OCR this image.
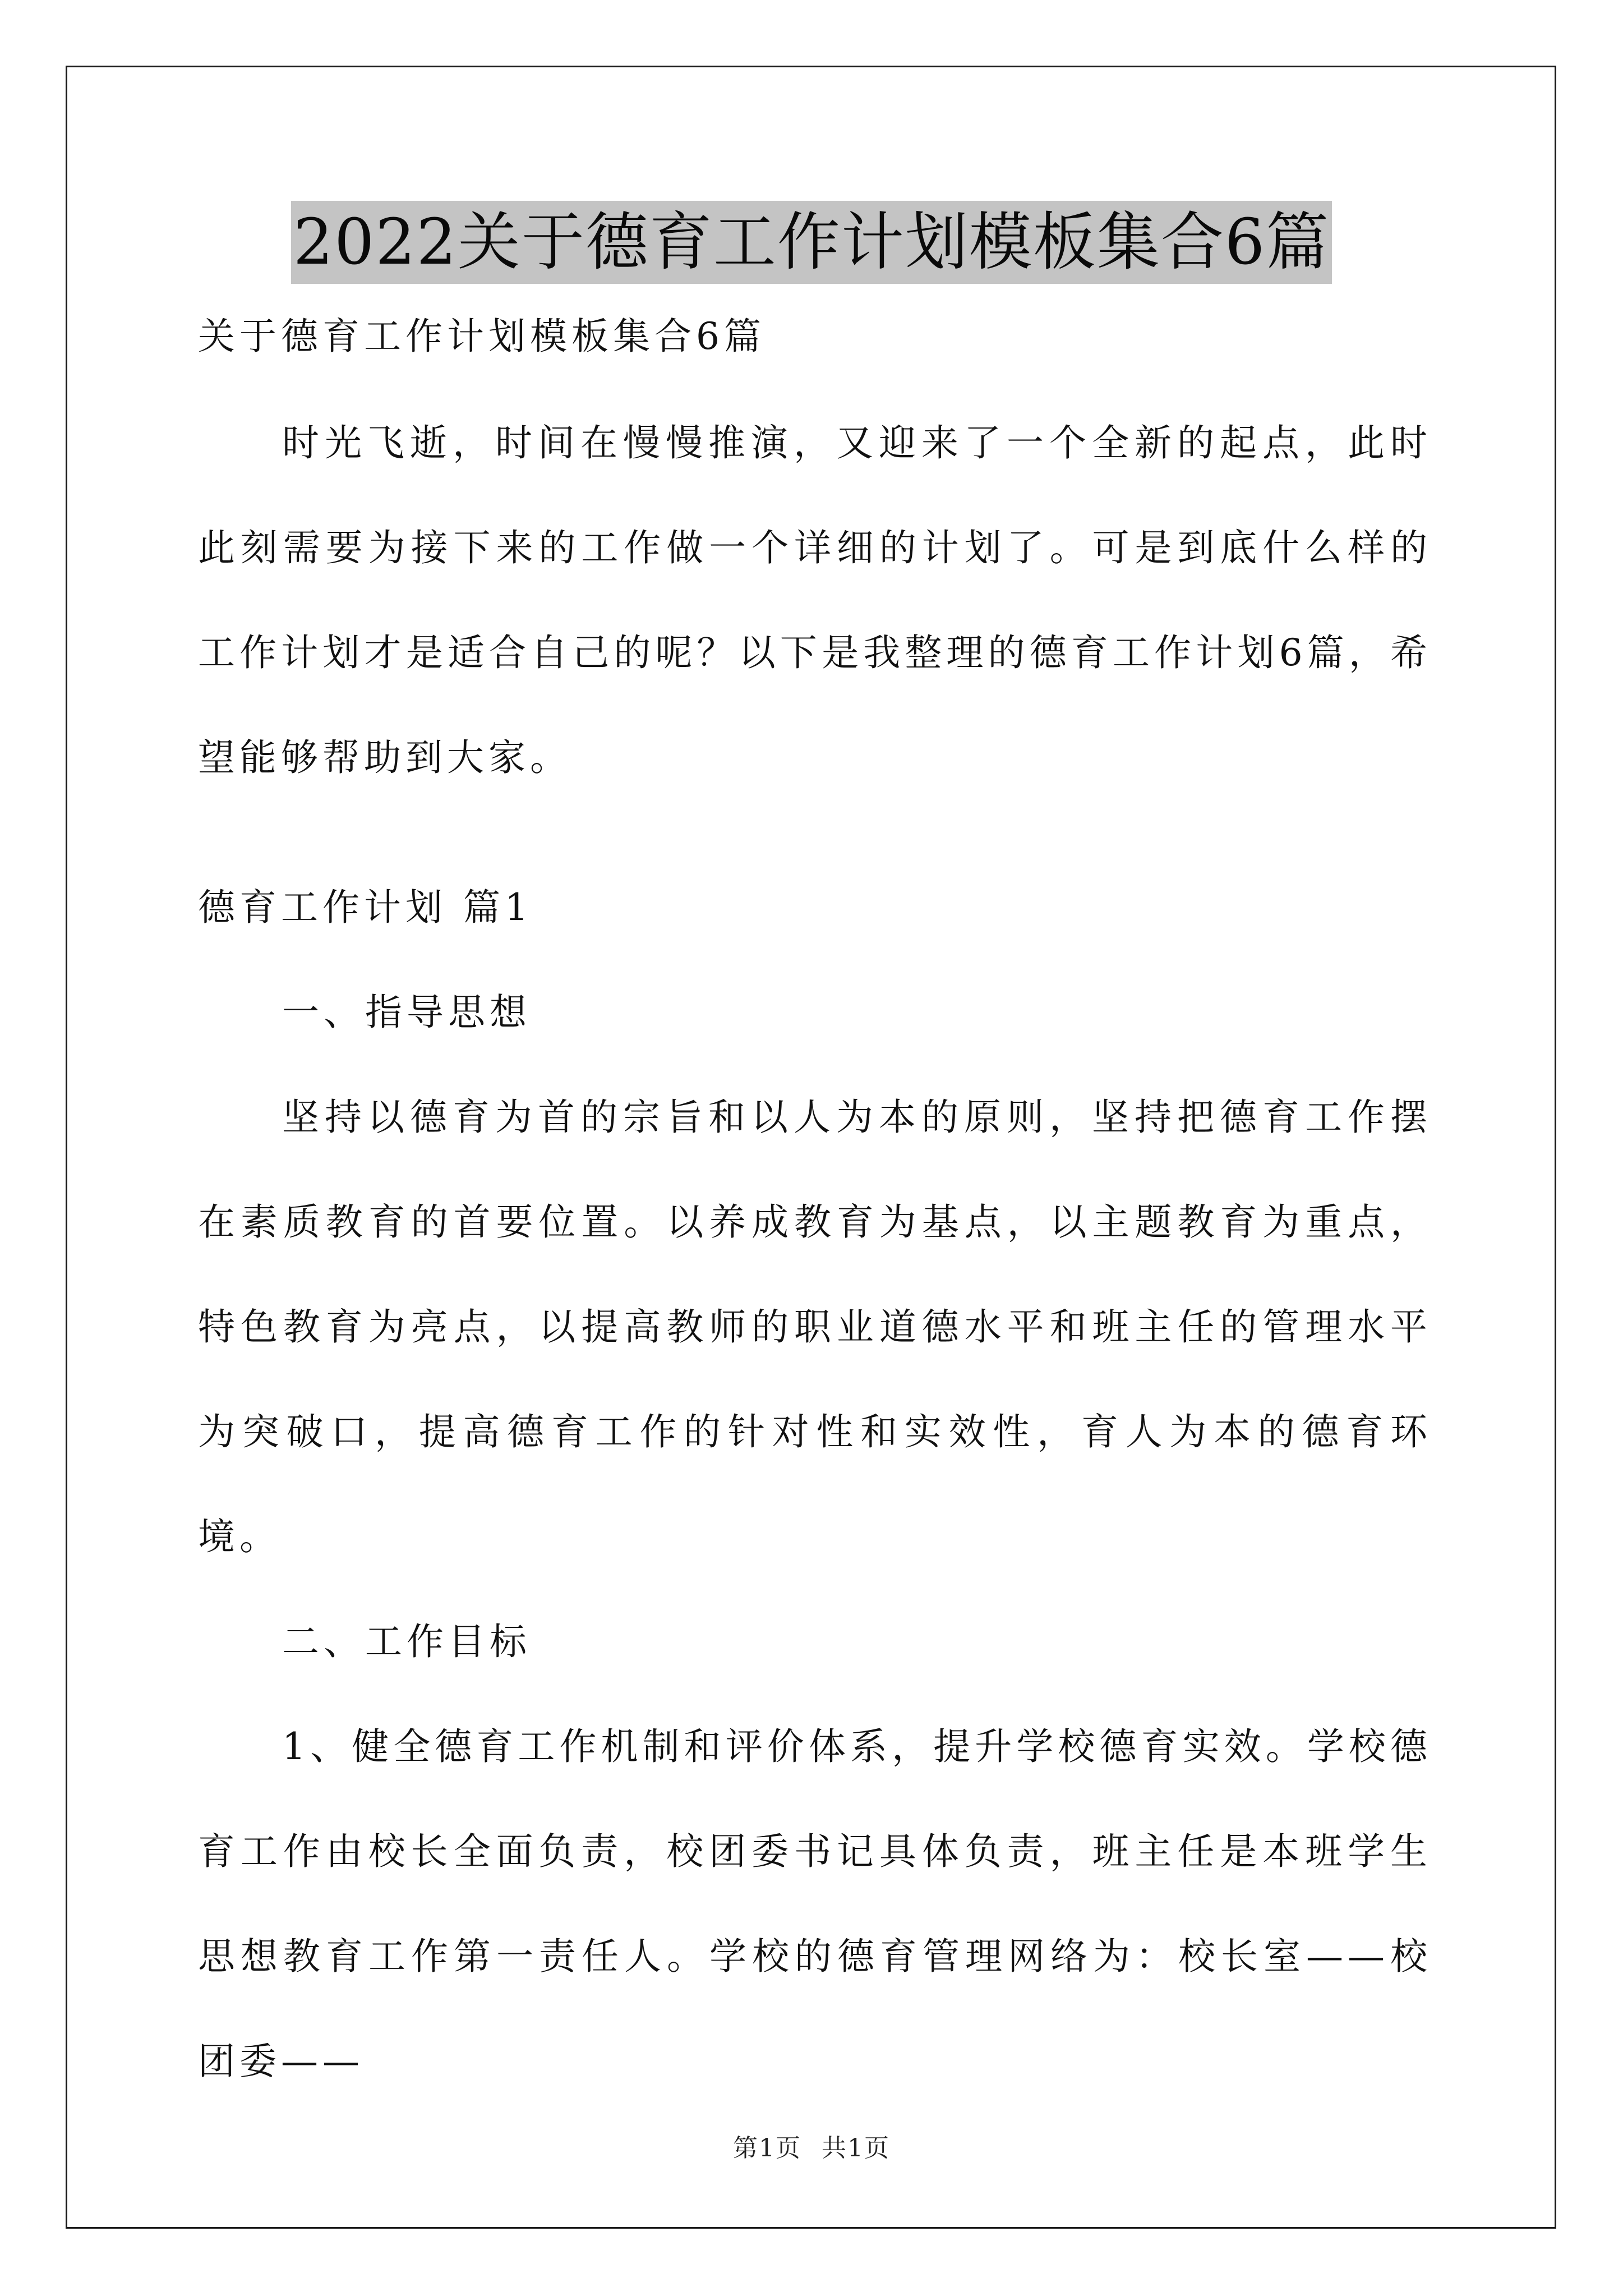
2022关于德育工作计划模板集合6篇
关于德育工作计划模板集合6篇

时光飞逝，时间在慢慢推演，又迎来了一个全新的起点，此时此刻需要为接下来的工作做一个详细的计划了。可是到底什么样的工作计划才是适合自己的呢？以下是我整理的德育工作计划6篇，希望能够帮助到大家。

德育工作计划 篇1

一、指导思想

坚持以德育为首的宗旨和以人为本的原则，坚持把德育工作摆在素质教育的首要位置。以养成教育为基点，以主题教育为重点，特色教育为亮点，以提高教师的职业道德水平和班主任的管理水平为突破口，提高德育工作的针对性和实效性，育人为本的德育环境。

二、工作目标

1、健全德育工作机制和评价体系，提升学校德育实效。学校德育工作由校长全面负责，校团委书记具体负责，班主任是本班学生思想教育工作第一责任人。学校的德育管理网络为：校长室——校团委——

第1页 共1页
